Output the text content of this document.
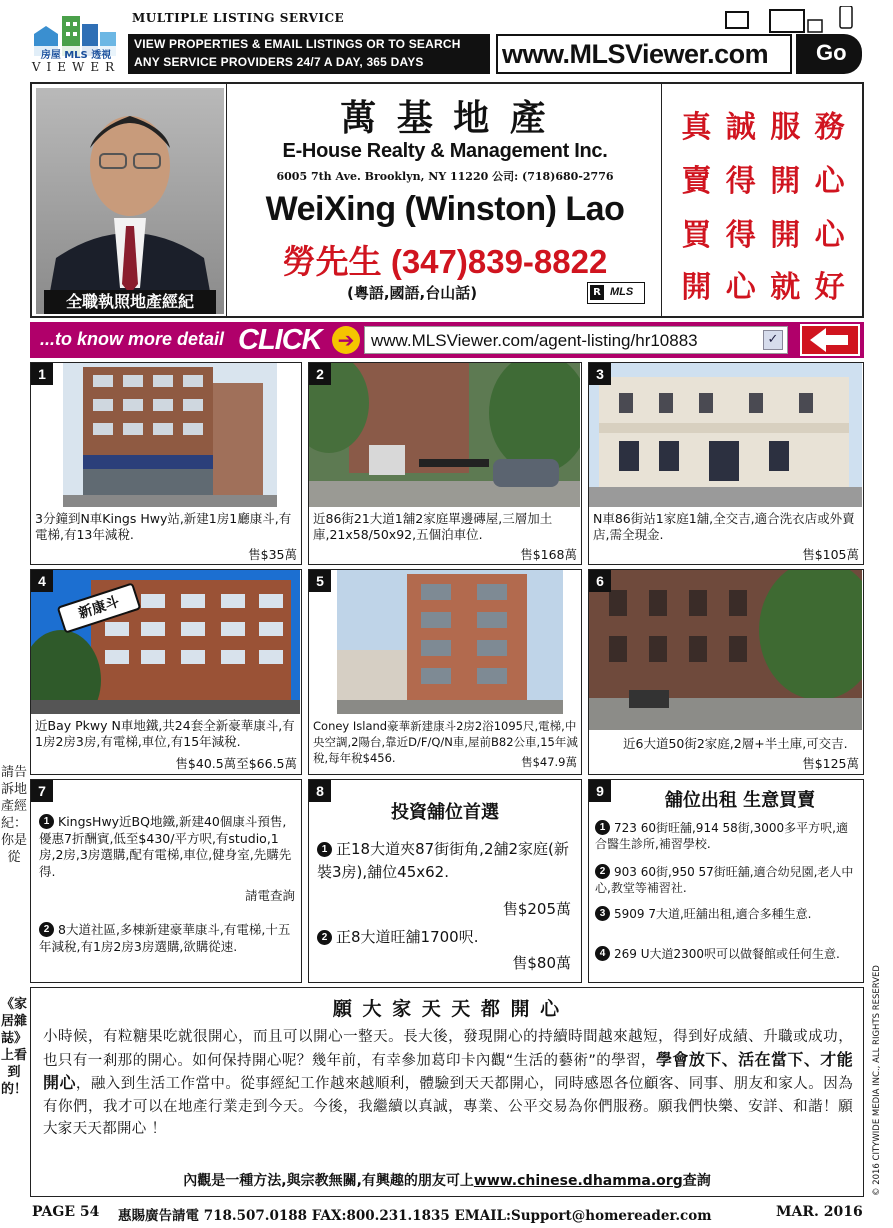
房屋 MLS 透視
VIEWER
MULTIPLE LISTING SERVICE
VIEW PROPERTIES & EMAIL LISTINGS OR TO SEARCH
ANY SERVICE PROVIDERS 24/7 A DAY, 365 DAYS	www.MLSViewer.com Go
全職執照地產經紀
萬 基 地 產
E-House Realty & Management Inc.
6005 7th Ave. Brooklyn, NY 11220 公司: (718)680-2776
WeiXing (Winston) Lao
勞先生 (347)839-8822
(粵語,國語,台山話)	R MLS
真 誠 服 務
賣 得 開 心
買 得 開 心
開 心 就 好
...to know more detail CLICK ➔ www.MLSViewer.com/agent-listing/hr10883	✓
1
3分鐘到N車Kings Hwy站,新建1房1廳康斗,有電梯,有13年減稅.
售$35萬
2
近86街21大道1舖2家庭單邊磚屋,三層加土庫,21x58/50x92,五個泊車位.
售$168萬
3
N車86街站1家庭1舖,全交吉,適合洗衣店或外賣店,需全現金.
售$105萬
4
新康斗
近Bay Pkwy N車地鐵,共24套全新豪華康斗,有1房2房3房,有電梯,車位,有15年減稅.
售$40.5萬至$66.5萬
5
Coney Island豪華新建康斗2房2浴1095尺,電梯,中央空調,2陽台,靠近D/F/Q/N車,屋前B82公車,15年減稅,每年稅$456.	售$47.9萬
6
近6大道50街2家庭,2層+半土庫,可交吉.
售$125萬
請告訴地產經紀：你是從
《家居雜誌》上看到的！
7
1 KingsHwy近BQ地鐵,新建40個康斗預售,優惠7折酬賓,低至$430/平方呎,有studio,1房,2房,3房選購,配有電梯,車位,健身室,先購先得.
請電查詢
2 8大道社區,多棟新建豪華康斗,有電梯,十五年減稅,有1房2房3房選購,欲購從速.
8
投資舖位首選
1 正18大道夾87街街角,2舖2家庭(新裝3房),舖位45x62.
售$205萬
2 正8大道旺舖1700呎.
售$80萬
9	舖位出租 生意買賣
1 723 60街旺舖,914 58街,3000多平方呎,適合醫生診所,補習學校.
2 903 60街,950 57街旺舖,適合幼兒園,老人中心,教堂等補習社.
3 5909 7大道,旺舖出租,適合多種生意.
4 269 U大道2300呎可以做餐館或任何生意.
© 2016 CITYWIDE MEDIA INC., ALL RIGHTS RESERVED
願 大 家 天 天 都 開 心
小時候，有粒糖果吃就很開心，而且可以開心一整天。長大後，發現開心的持續時間越來越短，得到好成績、升職或成功，也只有一剎那的開心。如何保持開心呢？幾年前，有幸參加葛印卡內觀“生活的藝術”的學習，學會放下、活在當下、才能開心，融入到生活工作當中。從事經紀工作越來越順利，體驗到天天都開心，同時感恩各位顧客、同事、朋友和家人。因為有你們，我才可以在地產行業走到今天。今後，我繼續以真誠，專業、公平交易為你們服務。願我們快樂、安詳、和諧！願大家天天都開心 ！
內觀是一種方法,與宗教無關,有興趣的朋友可上www.chinese.dhamma.org查詢
PAGE 54 惠賜廣告請電 718.507.0188 FAX:800.231.1835 EMAIL:Support@homereader.com	MAR. 2016
